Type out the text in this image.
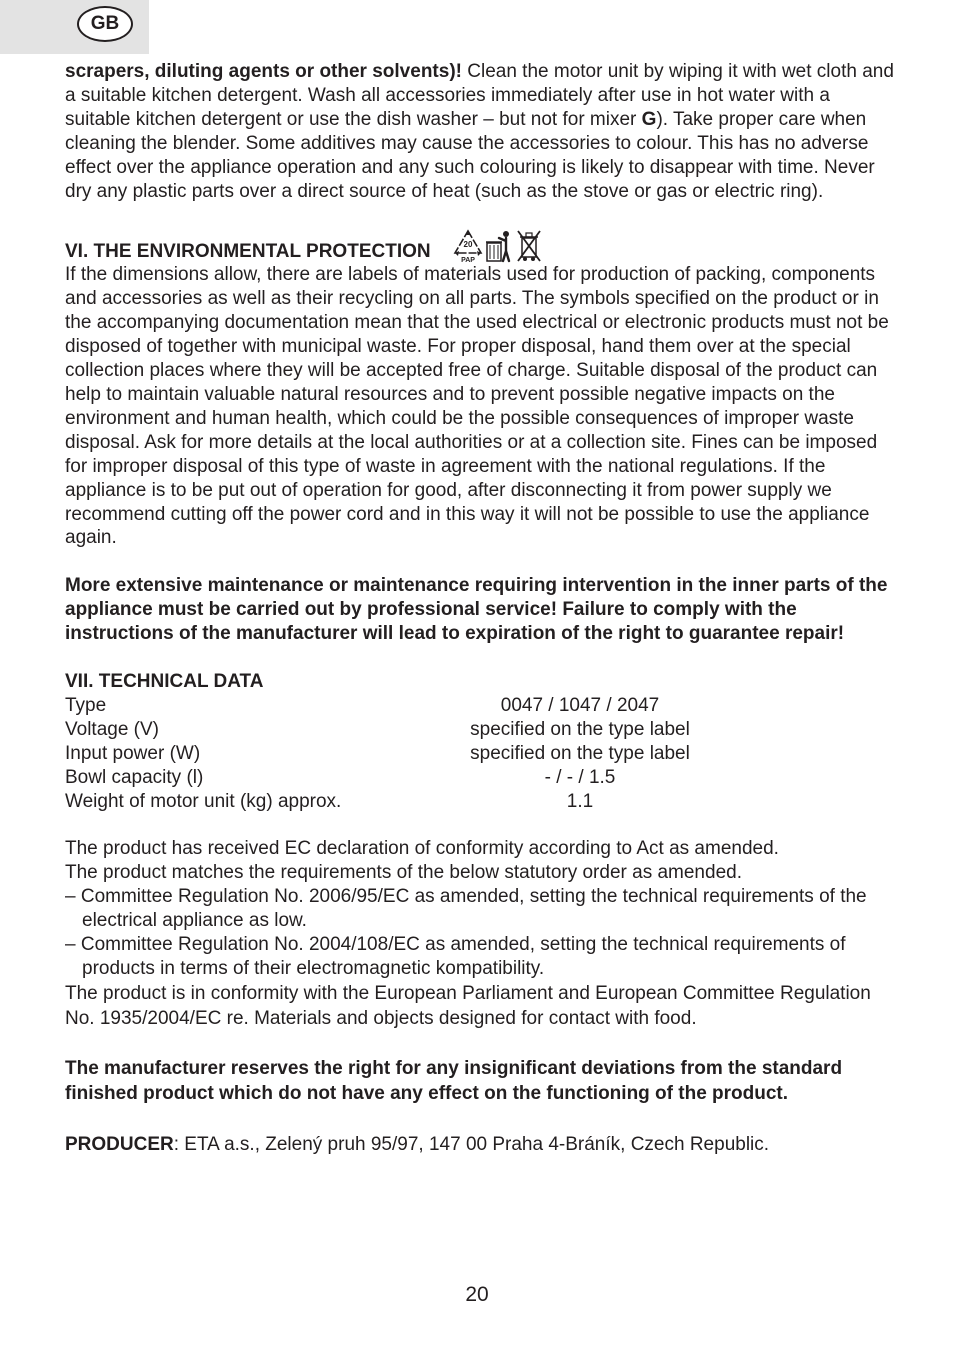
GB

scrapers, diluting agents or other solvents)! Clean the motor unit by wiping it with wet cloth and a suitable kitchen detergent. Wash all accessories immediately after use in hot water with a suitable kitchen detergent or use the dish washer – but not for mixer G). Take proper care when cleaning the blender. Some additives may cause the accessories to colour. This has no adverse effect over the appliance operation and any such colouring is likely to disappear with time. Never dry any plastic parts over a direct source of heat (such as the stove or gas or electric ring).

VI. THE ENVIRONMENTAL PROTECTION	20
PAP

If the dimensions allow, there are labels of materials used for production of packing, components and accessories as well as their recycling on all parts. The symbols specified on the product or in the accompanying documentation mean that the used electrical or electronic products must not be disposed of together with municipal waste. For proper disposal, hand them over at the special collection places where they will be accepted free of charge. Suitable disposal of the product can help to maintain valuable natural resources and to prevent possible negative impacts on the environment and human health, which could be the possible consequences of improper waste disposal. Ask for more details at the local authorities or at a collection site. Fines can be imposed for improper disposal of this type of waste in agreement with the national regulations. If the appliance is to be put out of operation for good, after disconnecting it from power supply we recommend cutting off the power cord and in this way it will not be possible to use the appliance again.

More extensive maintenance or maintenance requiring intervention in the inner parts of the appliance must be carried out by professional service! Failure to comply with the instructions of the manufacturer will lead to expiration of the right to guarantee repair!

VII. TECHNICAL DATA

Type	0047 / 1047 / 2047
Voltage (V)	specified on the type label
Input power (W)	specified on the type label
Bowl capacity (l)	- / - / 1.5
Weight of motor unit (kg) approx.	1.1

The product has received EC declaration of conformity according to Act as amended.

The product matches the requirements of the below statutory order as amended.

– Committee Regulation No. 2006/95/EC as amended, setting the technical requirements of the electrical appliance as low.

– Committee Regulation No. 2004/108/EC as amended, setting the technical requirements of products in terms of their electromagnetic kompatibility.

The product is in conformity with the European Parliament and European Committee Regulation No. 1935/2004/EC re. Materials and objects designed for contact with food.

The manufacturer reserves the right for any insignificant deviations from the standard finished product which do not have any effect on the functioning of the product.

PRODUCER: ETA a.s., Zelený pruh 95/97, 147 00 Praha 4-Bráník, Czech Republic.

20
